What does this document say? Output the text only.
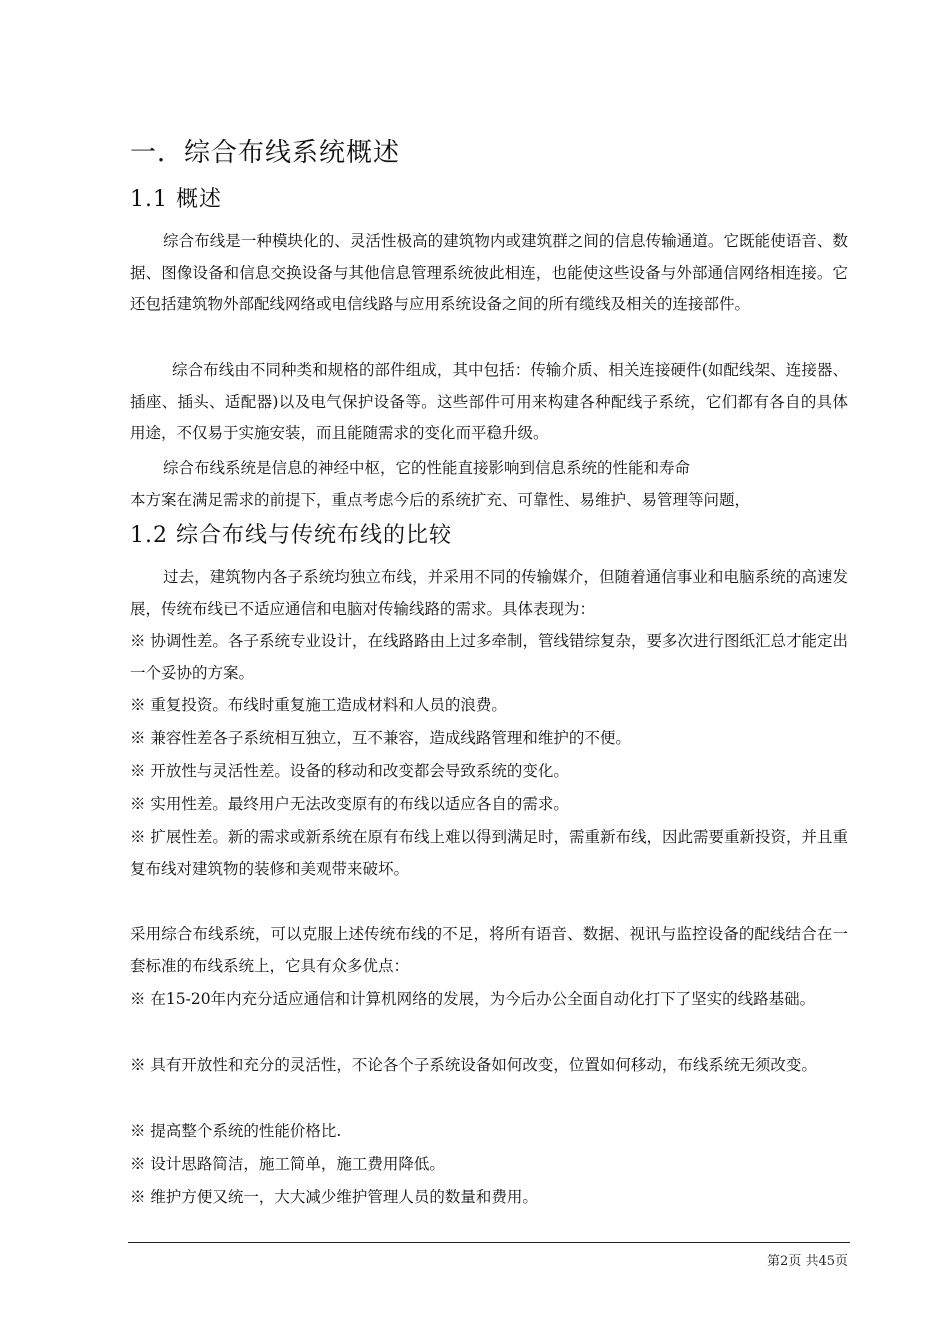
一．综合布线系统概述
1.1 概述

综合布线是一种模块化的、灵活性极高的建筑物内或建筑群之间的信息传输通道。它既能使语音、数据、图像设备和信息交换设备与其他信息管理系统彼此相连，也能使这些设备与外部通信网络相连接。它还包括建筑物外部配线网络或电信线路与应用系统设备之间的所有缆线及相关的连接部件。

综合布线由不同种类和规格的部件组成，其中包括：传输介质、相关连接硬件(如配线架、连接器、插座、插头、适配器)以及电气保护设备等。这些部件可用来构建各种配线子系统，它们都有各自的具体用途，不仅易于实施安装，而且能随需求的变化而平稳升级。

综合布线系统是信息的神经中枢，它的性能直接影响到信息系统的性能和寿命

本方案在满足需求的前提下，重点考虑今后的系统扩充、可靠性、易维护、易管理等问题，

1.2 综合布线与传统布线的比较

过去，建筑物内各子系统均独立布线，并采用不同的传输媒介，但随着通信事业和电脑系统的高速发展，传统布线已不适应通信和电脑对传输线路的需求。具体表现为：

※ 协调性差。各子系统专业设计，在线路路由上过多牵制，管线错综复杂，要多次进行图纸汇总才能定出一个妥协的方案。

※ 重复投资。布线时重复施工造成材料和人员的浪费。

※ 兼容性差各子系统相互独立，互不兼容，造成线路管理和维护的不便。

※ 开放性与灵活性差。设备的移动和改变都会导致系统的变化。

※ 实用性差。最终用户无法改变原有的布线以适应各自的需求。

※ 扩展性差。新的需求或新系统在原有布线上难以得到满足时，需重新布线，因此需要重新投资，并且重复布线对建筑物的装修和美观带来破坏。

采用综合布线系统，可以克服上述传统布线的不足，将所有语音、数据、视讯与监控设备的配线结合在一套标准的布线系统上，它具有众多优点：

※ 在15-20年内充分适应通信和计算机网络的发展，为今后办公全面自动化打下了坚实的线路基础。

※ 具有开放性和充分的灵活性，不论各个子系统设备如何改变，位置如何移动，布线系统无须改变。

※ 提高整个系统的性能价格比.

※ 设计思路简洁，施工简单，施工费用降低。

※ 维护方便又统一，大大减少维护管理人员的数量和费用。

第2页 共45页
